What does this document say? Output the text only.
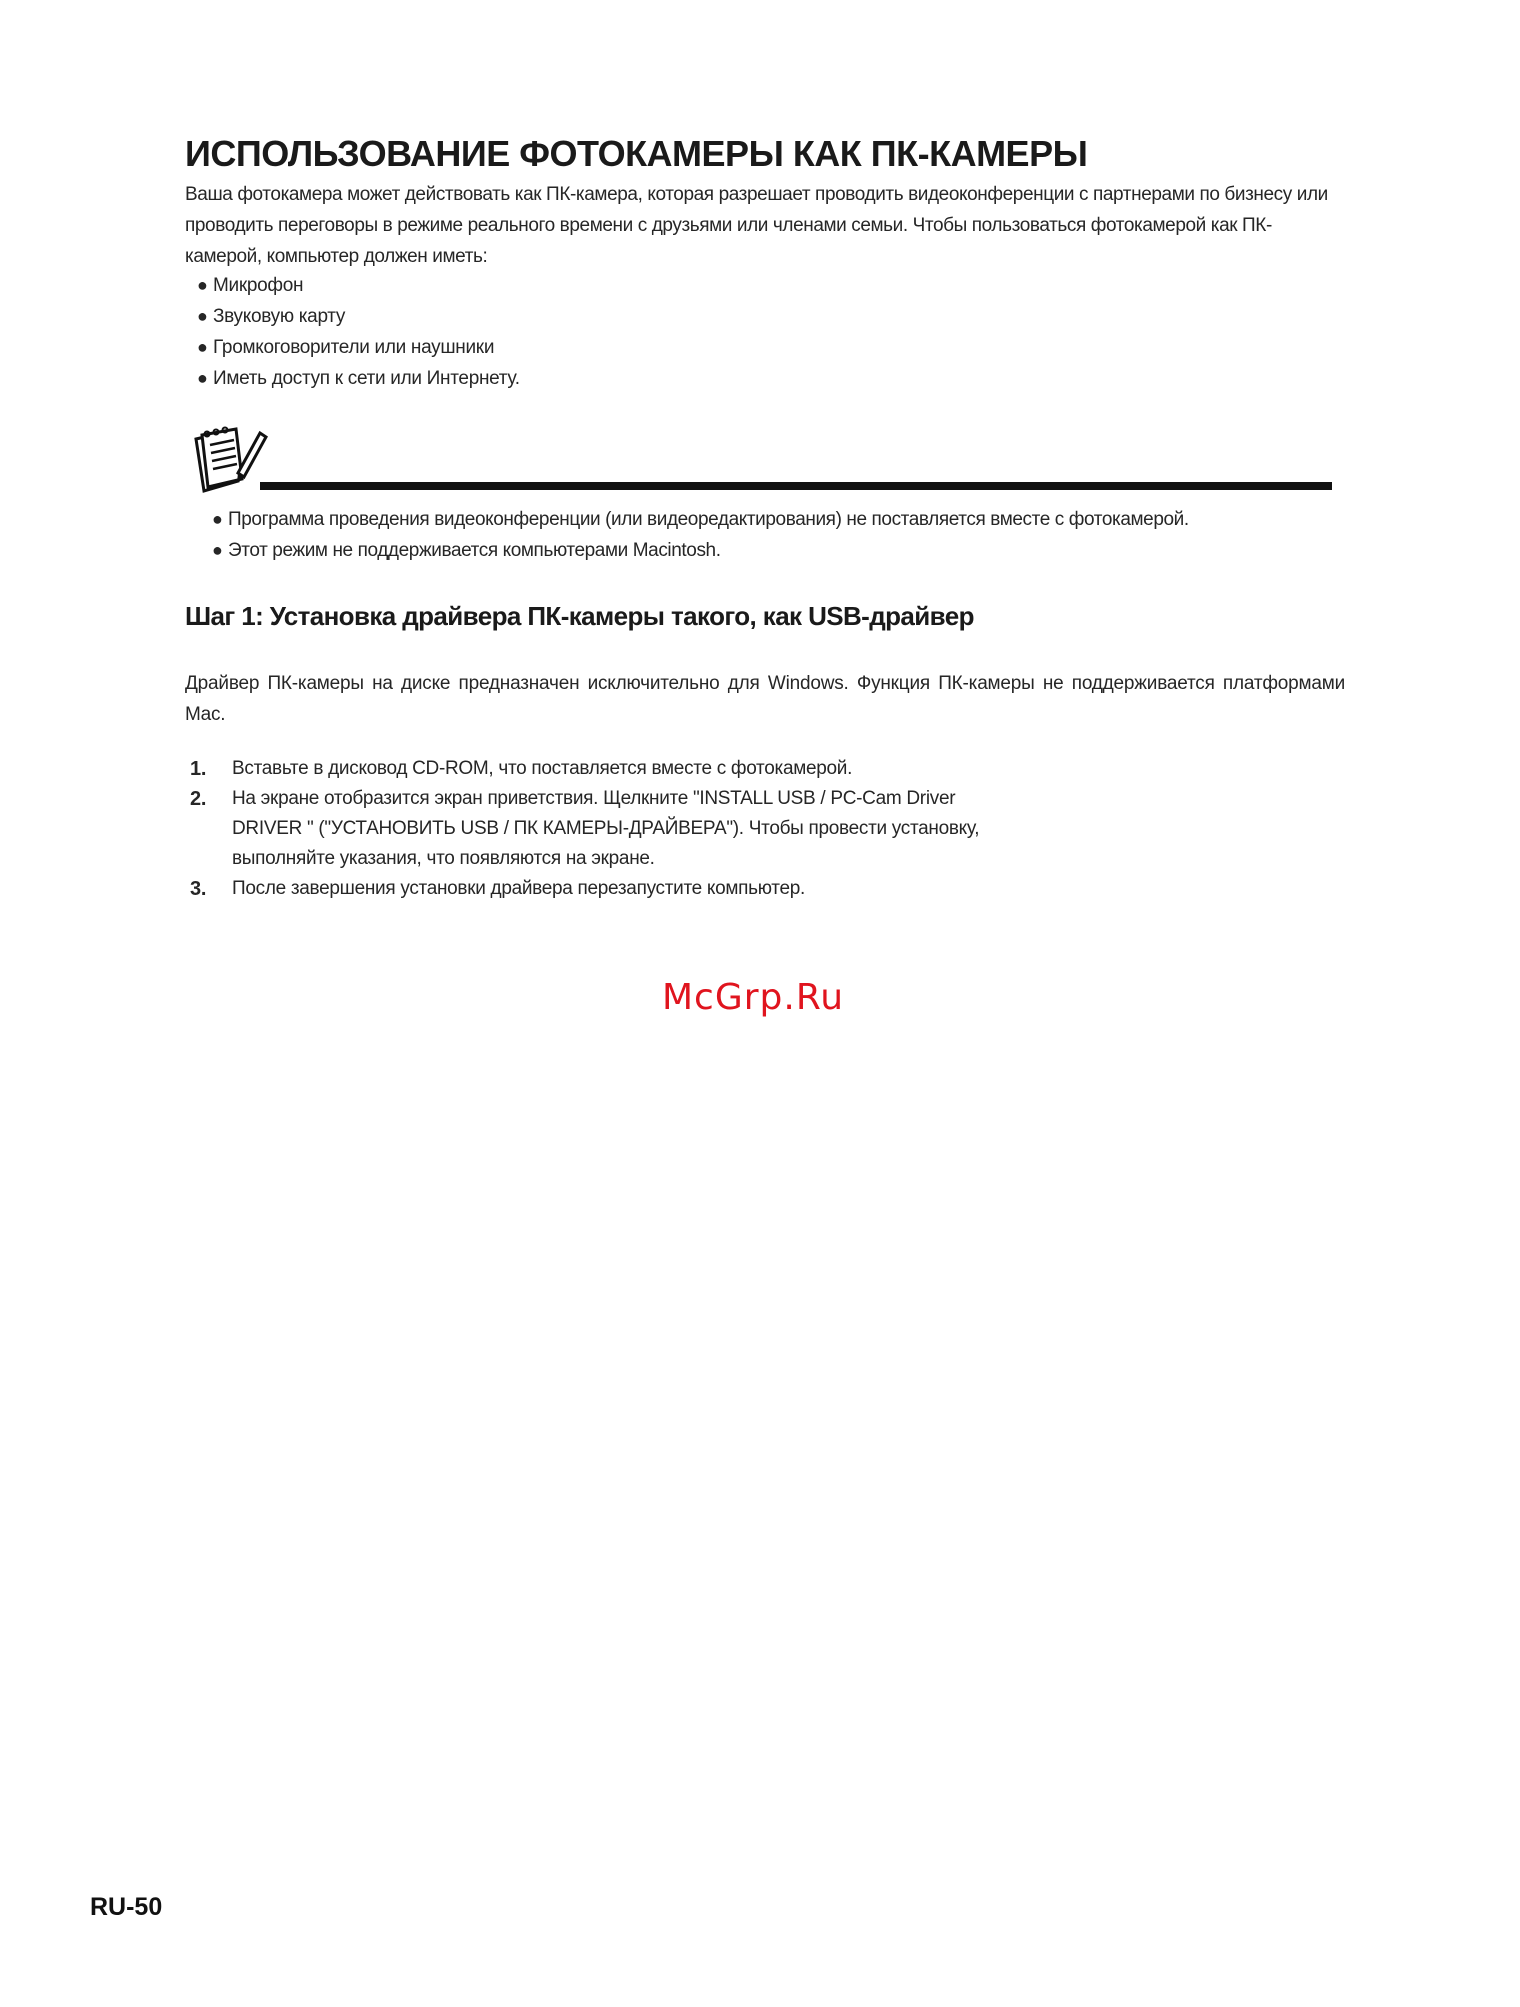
ИСПОЛЬЗОВАНИЕ ФОТОКАМЕРЫ КАК ПК-КАМЕРЫ

Ваша фотокамера может действовать как ПК-камера, которая разрешает проводить видеоконференции с партнерами по бизнесу или проводить переговоры в режиме реального времени с друзьями или членами семьи. Чтобы пользоваться фотокамерой как ПК-камерой, компьютер должен иметь:

● Микрофон
● Звуковую карту
● Громкоговорители или наушники
● Иметь доступ к сети или Интернету.
● Программа проведения видеоконференции (или видеоредактирования) не поставляется вместе с фотокамерой.
● Этот режим не поддерживается компьютерами Macintosh.
Шаг 1: Установка драйвера ПК-камеры такого, как USB-драйвер

Драйвер ПК-камеры на диске предназначен исключительно для Windows. Функция ПК-камеры не поддерживается платформами Mac.

1.	Вставьте в дисковод CD-ROM, что поставляется вместе с фотокамерой.
2.	На экране отобразится экран приветствия. Щелкните "INSTALL USB / PC-Cam Driver DRIVER " ("УСТАНОВИТЬ USB / ПК КАМЕРЫ-ДРАЙВЕРА"). Чтобы провести установку, выполняйте указания, что появляются на экране.
3.	После завершения установки драйвера перезапустите компьютер.
McGrp.Ru
RU-50
